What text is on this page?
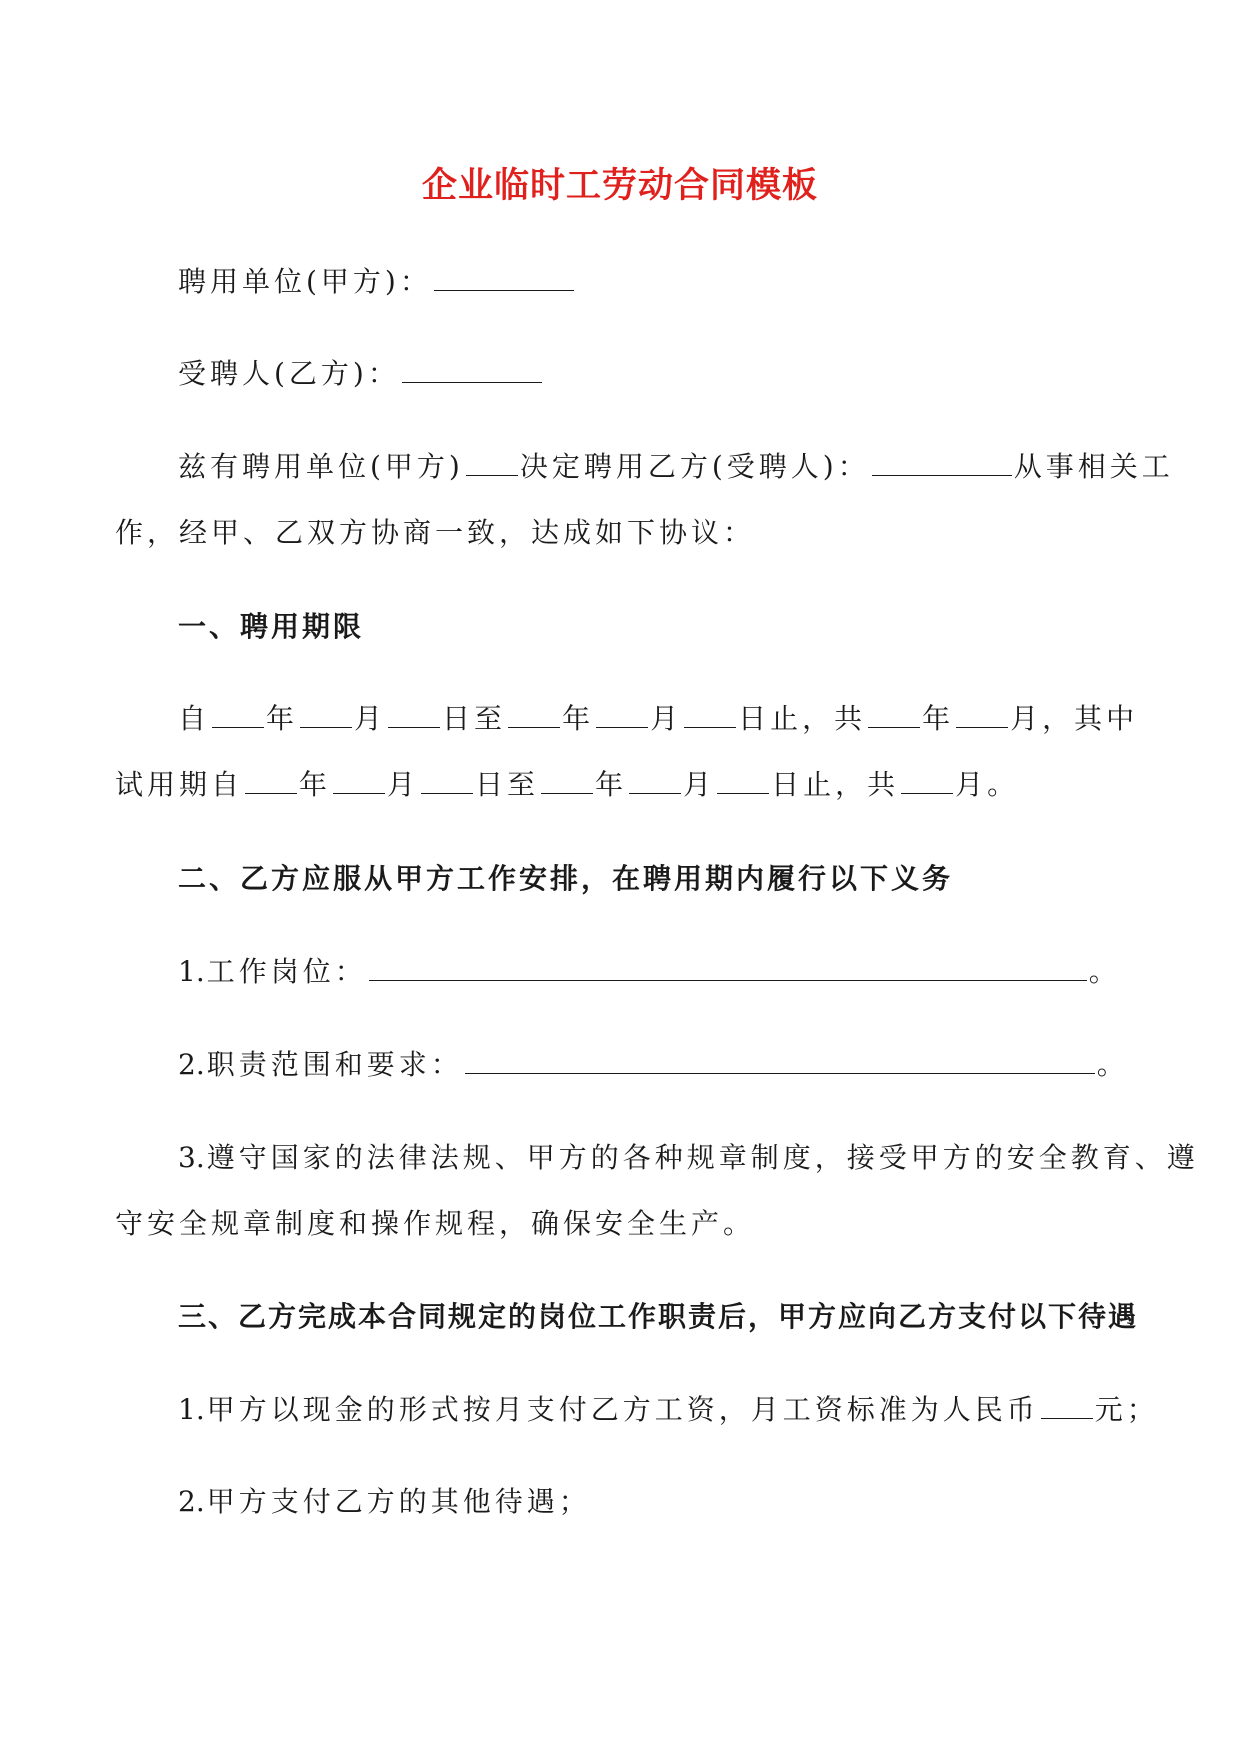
企业临时工劳动合同模板
聘用单位(甲方)：
受聘人(乙方)：
兹有聘用单位(甲方) 决定聘用乙方(受聘人)：	从事相关工
作，经甲、乙双方协商一致，达成如下协议：
一、聘用期限
自 年 月 日至 年 月 日止，共 年 月，其中
试用期自 年 月 日至 年 月 日止，共 月。
二、乙方应服从甲方工作安排，在聘用期内履行以下义务
1.工作岗位：	。
2.职责范围和要求：	。
3.遵守国家的法律法规、甲方的各种规章制度，接受甲方的安全教育、遵
守安全规章制度和操作规程，确保安全生产。
三、乙方完成本合同规定的岗位工作职责后，甲方应向乙方支付以下待遇
1.甲方以现金的形式按月支付乙方工资，月工资标准为人民币 元；
2.甲方支付乙方的其他待遇；
